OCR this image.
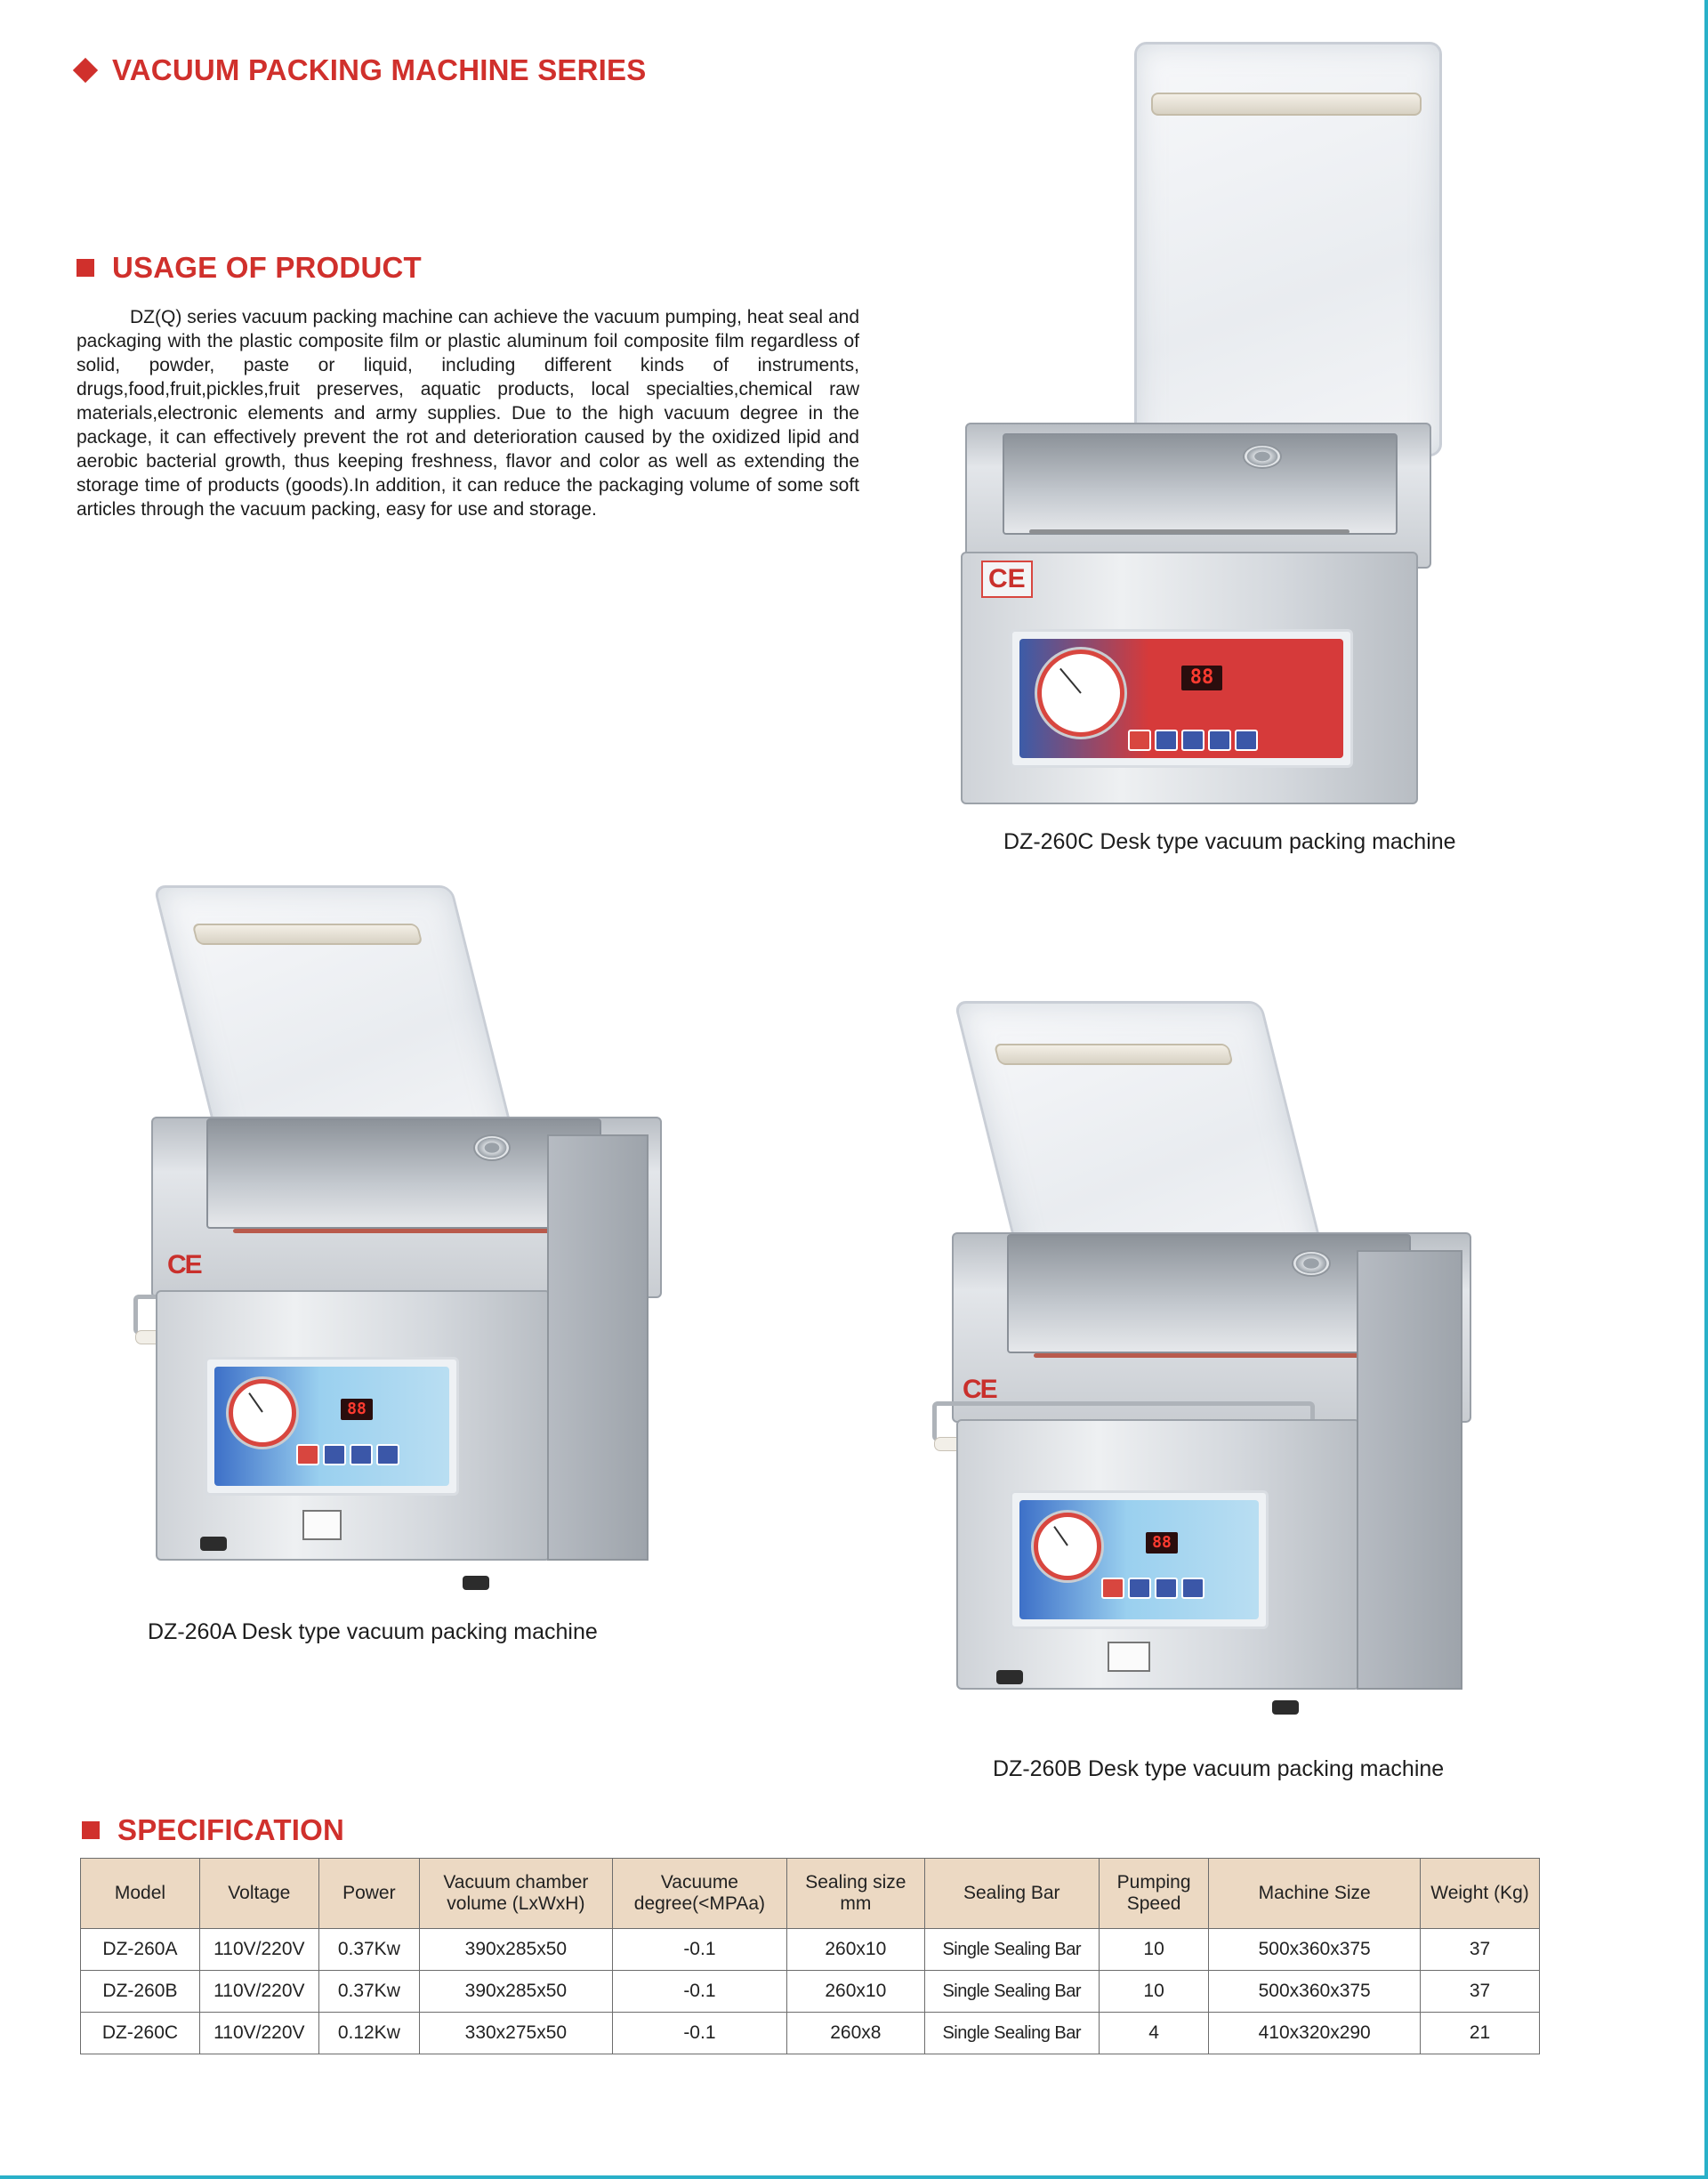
VACUUM PACKING MACHINE SERIES
USAGE OF PRODUCT
DZ(Q) series vacuum packing machine can achieve the vacuum pumping, heat seal and packaging with the plastic composite film or plastic aluminum foil composite film regardless of solid, powder, paste or liquid, including different kinds of instruments, drugs,food,fruit,pickles,fruit preserves, aquatic products, local specialties,chemical raw materials,electronic elements and army supplies. Due to the high vacuum degree in the package, it can effectively prevent the rot and deterioration caused by the oxidized lipid and aerobic bacterial growth, thus keeping freshness, flavor and color as well as extending the storage time of products (goods).In addition, it can reduce the packaging volume of some soft articles through the vacuum packing, easy for use and storage.
CE
88
DZ-260C Desk type vacuum packing machine
CE
88
DZ-260A Desk type vacuum packing machine
CE
88
DZ-260B Desk type vacuum packing machine
SPECIFICATION
Model	Voltage	Power	Vacuum chamber volume (LxWxH)	Vacuume degree(<MPAa)	Sealing size mm	Sealing Bar	Pumping Speed	Machine Size	Weight (Kg)
DZ-260A	110V/220V	0.37Kw	390x285x50	-0.1	260x10	Single Sealing Bar	10	500x360x375	37
DZ-260B	110V/220V	0.37Kw	390x285x50	-0.1	260x10	Single Sealing Bar	10	500x360x375	37
DZ-260C	110V/220V	0.12Kw	330x275x50	-0.1	260x8	Single Sealing Bar	4	410x320x290	21
